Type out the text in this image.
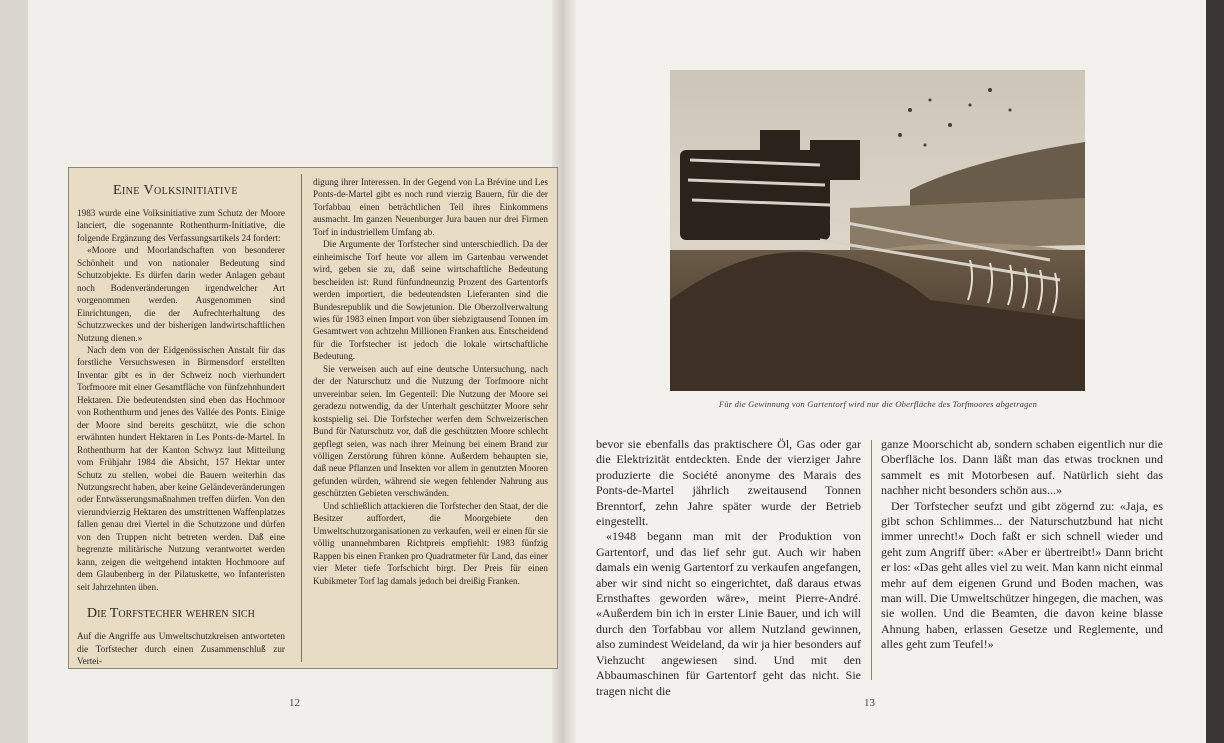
Eine Volksinitiative

1983 wurde eine Volksinitiative zum Schutz der Moore lanciert, die sogenannte Rothenthurm-Initiative, die folgende Ergänzung des Verfassungsartikels 24 fordert:

«Moore und Moorlandschaften von besonderer Schönheit und von nationaler Bedeutung sind Schutzobjekte. Es dürfen darin weder Anlagen gebaut noch Bodenveränderungen irgendwelcher Art vorgenommen werden. Ausgenommen sind Einrichtungen, die der Aufrechterhaltung des Schutzzweckes und der bisherigen landwirtschaftlichen Nutzung dienen.»

Nach dem von der Eidgenössischen Anstalt für das forstliche Versuchswesen in Birmensdorf erstellten Inventar gibt es in der Schweiz noch vierhundert Torfmoore mit einer Gesamtfläche von fünfzehnhundert Hektaren. Die bedeutendsten sind eben das Hochmoor von Rothenthurm und jenes des Vallée des Ponts. Einige der Moore sind bereits geschützt, wie die schon erwähnten hundert Hektaren in Les Ponts-de-Martel. In Rothenthurm hat der Kanton Schwyz laut Mitteilung vom Frühjahr 1984 die Absicht, 157 Hektar unter Schutz zu stellen, wobei die Bauern weiterhin das Nutzungsrecht haben, aber keine Geländeveränderungen oder Entwässerungsmaßnahmen treffen dürfen. Von den vierundvierzig Hektaren des umstrittenen Waffenplatzes fallen genau drei Viertel in die Schutzzone und dürfen von den Truppen nicht betreten werden. Daß eine begrenzte militärische Nutzung verantwortet werden kann, zeigen die weitgehend intakten Hochmoore auf dem Glaubenberg in der Pilatuskette, wo Infanteristen seit Jahrzehnten üben.

Die Torfstecher wehren sich

Auf die Angriffe aus Umweltschutzkreisen antworteten die Torfstecher durch einen Zusammenschluß zur Vertei-

digung ihrer Interessen. In der Gegend von La Brévine und Les Ponts-de-Martel gibt es noch rund vierzig Bauern, für die der Torfabbau einen beträchtlichen Teil ihres Einkommens ausmacht. Im ganzen Neuenburger Jura bauen nur drei Firmen Torf in industriellem Umfang ab.

Die Argumente der Torfstecher sind unterschiedlich. Da der einheimische Torf heute vor allem im Gartenbau verwendet wird, geben sie zu, daß seine wirtschaftliche Bedeutung bescheiden ist: Rund fünfundneunzig Prozent des Gartentorfs werden importiert, die bedeutendsten Lieferanten sind die Bundesrepublik und die Sowjetunion. Die Oberzollverwaltung wies für 1983 einen Import von über siebzigtausend Tonnen im Gesamtwert von achtzehn Millionen Franken aus. Entscheidend für die Torfstecher ist jedoch die lokale wirtschaftliche Bedeutung.

Sie verweisen auch auf eine deutsche Untersuchung, nach der der Naturschutz und die Nutzung der Torfmoore nicht unvereinbar seien. Im Gegenteil: Die Nutzung der Moore sei geradezu notwendig, da der Unterhalt geschützter Moore sehr kostspielig sei. Die Torfstecher werfen dem Schweizerischen Bund für Naturschutz vor, daß die geschützten Moore schlecht gepflegt seien, was nach ihrer Meinung bei einem Brand zur völligen Zerstörung führen könne. Außerdem behaupten sie, daß neue Pflanzen und Insekten vor allem in genutzten Mooren gefunden würden, während sie wegen fehlender Nahrung aus geschützten Gebieten verschwänden.

Und schließlich attackieren die Torfstecher den Staat, der die Besitzer auffordert, die Moorgebiete den Umweltschutzorganisationen zu verkaufen, weil er einen für sie völlig unannehmbaren Richtpreis empfiehlt: 1983 fünfzig Rappen bis einen Franken pro Quadratmeter für Land, das einer vier Meter tiefe Torfschicht birgt. Der Preis für einen Kubikmeter Torf lag damals jedoch bei dreißig Franken.

12
Für die Gewinnung von Gartentorf wird nur die Oberfläche des Torfmoores abgetragen

bevor sie ebenfalls das praktischere Öl, Gas oder gar die Elektrizität entdeckten. Ende der vierziger Jahre produzierte die Société anonyme des Marais des Ponts-de-Martel jährlich zweitausend Tonnen Brenntorf, zehn Jahre später wurde der Betrieb eingestellt.

«1948 begann man mit der Produktion von Gartentorf, und das lief sehr gut. Auch wir haben damals ein wenig Gartentorf zu verkaufen angefangen, aber wir sind nicht so eingerichtet, daß daraus etwas Ernsthaftes geworden wäre», meint Pierre-André. «Außerdem bin ich in erster Linie Bauer, und ich will durch den Torfabbau vor allem Nutzland gewinnen, also zumindest Weideland, da wir ja hier besonders auf Viehzucht angewiesen sind. Und mit den Abbaumaschinen für Gartentorf geht das nicht. Sie tragen nicht die

ganze Moorschicht ab, sondern schaben eigentlich nur die Oberfläche los. Dann läßt man das etwas trocknen und sammelt es mit Motorbesen auf. Natürlich sieht das nachher nicht besonders schön aus...»

Der Torfstecher seufzt und gibt zögernd zu: «Jaja, es gibt schon Schlimmes... der Naturschutzbund hat nicht immer unrecht!» Doch faßt er sich schnell wieder und geht zum Angriff über: «Aber er übertreibt!» Dann bricht er los: «Das geht alles viel zu weit. Man kann nicht einmal mehr auf dem eigenen Grund und Boden machen, was man will. Die Umweltschützer hingegen, die machen, was sie wollen. Und die Beamten, die davon keine blasse Ahnung haben, erlassen Gesetze und Reglemente, und alles geht zum Teufel!»

13
